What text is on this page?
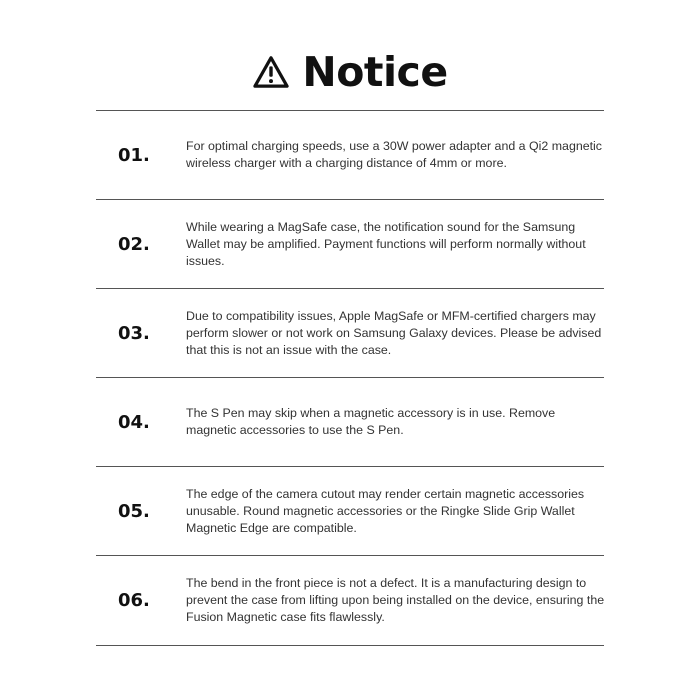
Notice
01.	For optimal charging speeds, use a 30W power adapter and a Qi2 magnetic wireless charger with a charging distance of 4mm or more.
02.
While wearing a MagSafe case, the notification sound for the Samsung Wallet may be amplified. Payment functions will perform normally without issues.
03.
Due to compatibility issues, Apple MagSafe or MFM-certified chargers may perform slower or not work on Samsung Galaxy devices. Please be advised that this is not an issue with the case.
04.	The S Pen may skip when a magnetic accessory is in use. Remove magnetic accessories to use the S Pen.
05.
The edge of the camera cutout may render certain magnetic accessories unusable. Round magnetic accessories or the Ringke Slide Grip Wallet Magnetic Edge are compatible.
06.
The bend in the front piece is not a defect. It is a manufacturing design to prevent the case from lifting upon being installed on the device, ensuring the Fusion Magnetic case fits flawlessly.
